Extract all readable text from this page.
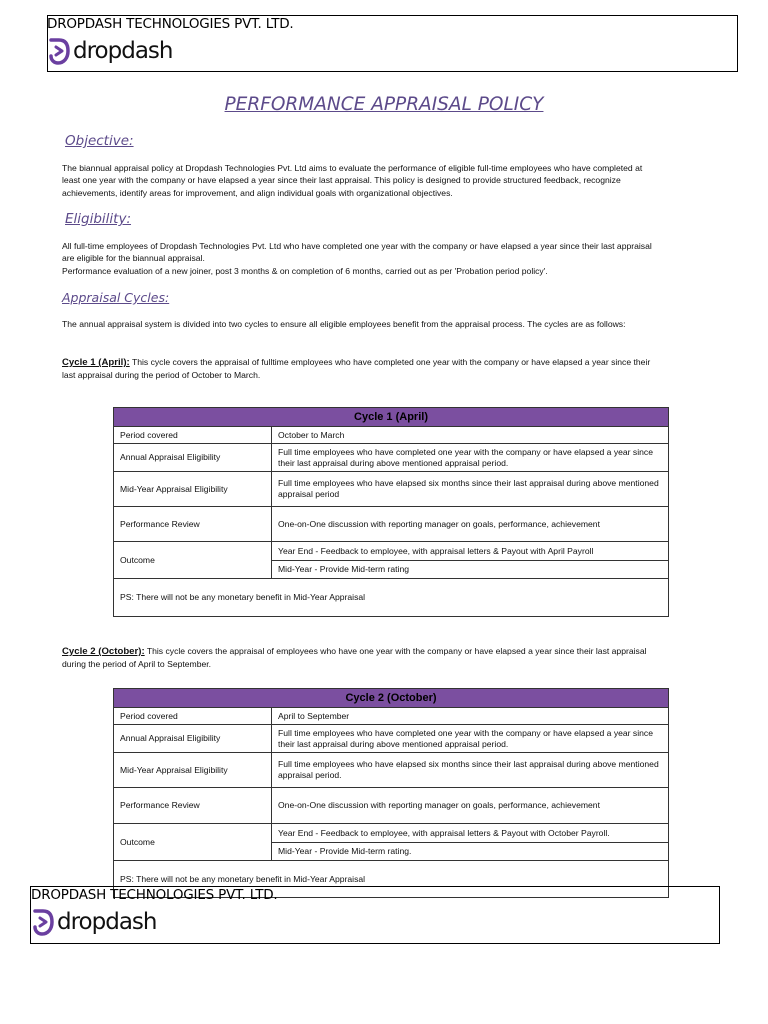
DROPDASH TECHNOLOGIES PVT. LTD.
dropdash
PERFORMANCE APPRAISAL POLICY
Objective:
The biannual appraisal policy at Dropdash Technologies Pvt. Ltd aims to evaluate the performance of eligible full-time employees who have completed at least one year with the company or have elapsed a year since their last appraisal. This policy is designed to provide structured feedback, recognize achievements, identify areas for improvement, and align individual goals with organizational objectives.
Eligibility:
All full-time employees of Dropdash Technologies Pvt. Ltd who have completed one year with the company or have elapsed a year since their last appraisal are eligible for the biannual appraisal.
Performance evaluation of a new joiner, post 3 months & on completion of 6 months, carried out as per 'Probation period policy'.
Appraisal Cycles:
The annual appraisal system is divided into two cycles to ensure all eligible employees benefit from the appraisal process. The cycles are as follows:
Cycle 1 (April): This cycle covers the appraisal of fulltime employees who have completed one year with the company or have elapsed a year since their last appraisal during the period of October to March.
Cycle 1 (April)	
Period covered	October to March
Annual Appraisal Eligibility	Full time employees who have completed one year with the company or have elapsed a year since their last appraisal during above mentioned appraisal period.
Mid-Year Appraisal Eligibility	Full time employees who have elapsed six months since their last appraisal during above mentioned appraisal period
Performance Review	One-on-One discussion with reporting manager on goals, performance, achievement
Outcome	Year End - Feedback to employee, with appraisal letters & Payout with April Payroll
	Mid-Year - Provide Mid-term rating
PS: There will not be any monetary benefit in Mid-Year Appraisal	
Cycle 2 (October): This cycle covers the appraisal of employees who have one year with the company or have elapsed a year since their last appraisal during the period of April to September.
Cycle 2 (October)	
Period covered	April to September
Annual Appraisal Eligibility	Full time employees who have completed one year with the company or have elapsed a year since their last appraisal during above mentioned appraisal period.
Mid-Year Appraisal Eligibility	Full time employees who have elapsed six months since their last appraisal during above mentioned appraisal period.
Performance Review	One-on-One discussion with reporting manager on goals, performance, achievement
Outcome	Year End - Feedback to employee, with appraisal letters & Payout with October Payroll.
	Mid-Year - Provide Mid-term rating.
PS: There will not be any monetary benefit in Mid-Year Appraisal	
DROPDASH TECHNOLOGIES PVT. LTD.
dropdash
